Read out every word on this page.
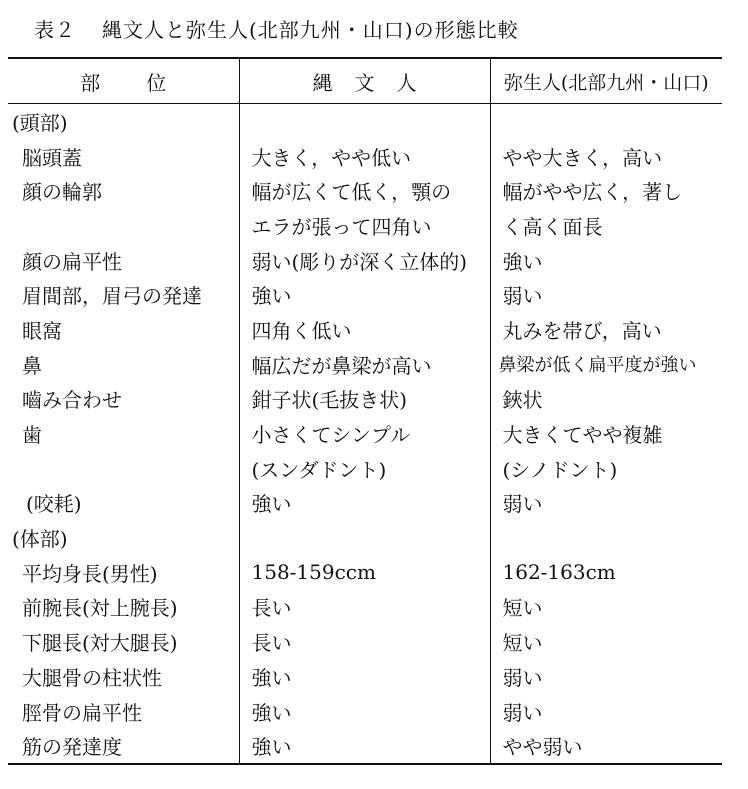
表２ 縄文人と弥生人(北部九州・山口)の形態比較
部位	縄文人	弥生人(北部九州・山口)
(頭部)		
脳頭蓋	大きく，やや低い	やや大きく，高い
顔の輪郭	幅が広くて低く，顎の	幅がやや広く，著し
	エラが張って四角い	く高く面長
顔の扁平性	弱い(彫りが深く立体的)	強い
眉間部，眉弓の発達	強い	弱い
眼窩	四角く低い	丸みを帯び，高い
鼻	幅広だが鼻梁が高い	鼻梁が低く扁平度が強い
嚙み合わせ	鉗子状(毛抜き状)	鋏状
歯	小さくてシンプル	大きくてやや複雑
	(スンダドント)	(シノドント)
(咬耗)	強い	弱い
(体部)		
平均身長(男性)	158-159ccm	162-163cm
前腕長(対上腕長)	長い	短い
下腿長(対大腿長)	長い	短い
大腿骨の柱状性	強い	弱い
脛骨の扁平性	強い	弱い
筋の発達度	強い	やや弱い
